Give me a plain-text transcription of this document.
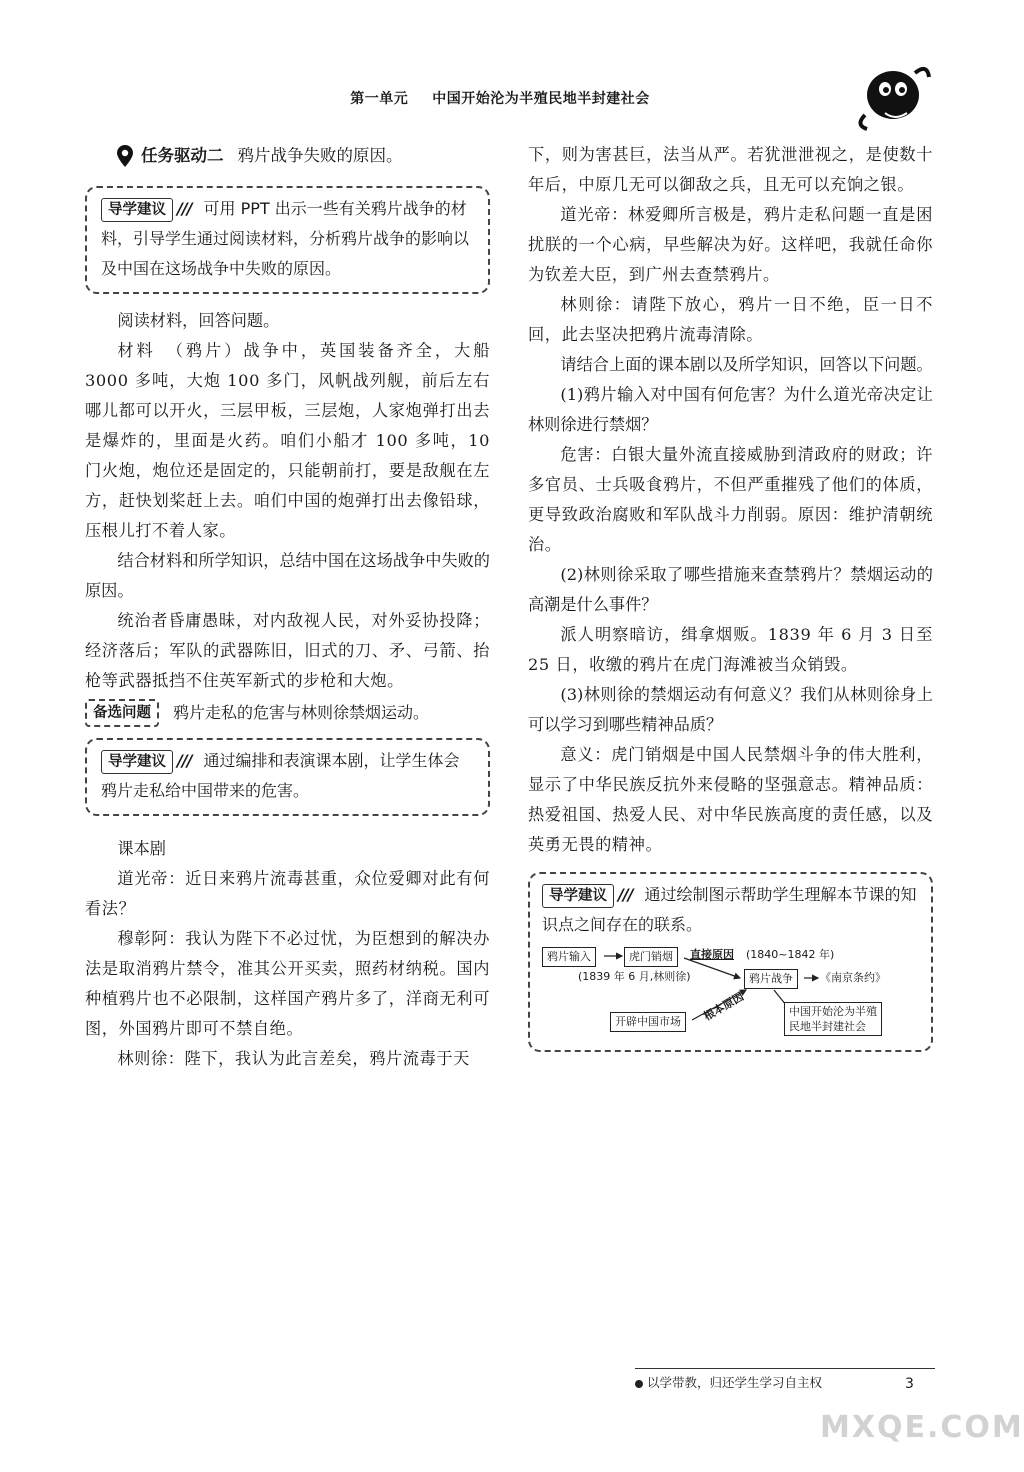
第一单元 中国开始沦为半殖民地半封建社会
任务驱动二 鸦片战争失败的原因。
导学建议 /// 可用 PPT 出示一些有关鸦片战争的材料，引导学生通过阅读材料，分析鸦片战争的影响以及中国在这场战争中失败的原因。

阅读材料，回答问题。

材料　（鸦片）战争中，英国装备齐全，大船 3000 多吨，大炮 100 多门，风帆战列舰，前后左右哪儿都可以开火，三层甲板，三层炮，人家炮弹打出去是爆炸的，里面是火药。咱们小船才 100 多吨，10 门火炮，炮位还是固定的，只能朝前打，要是敌舰在左方，赶快划桨赶上去。咱们中国的炮弹打出去像铅球，压根儿打不着人家。

结合材料和所学知识，总结中国在这场战争中失败的原因。

统治者昏庸愚昧，对内敌视人民，对外妥协投降；经济落后；军队的武器陈旧，旧式的刀、矛、弓箭、抬枪等武器抵挡不住英军新式的步枪和大炮。

备选问题	鸦片走私的危害与林则徐禁烟运动。
导学建议 /// 通过编排和表演课本剧，让学生体会鸦片走私给中国带来的危害。

课本剧

道光帝：近日来鸦片流毒甚重，众位爱卿对此有何看法？

穆彰阿：我认为陛下不必过忧，为臣想到的解决办法是取消鸦片禁令，准其公开买卖，照药材纳税。国内种植鸦片也不必限制，这样国产鸦片多了，洋商无利可图，外国鸦片即可不禁自绝。

林则徐：陛下，我认为此言差矣，鸦片流毒于天

下，则为害甚巨，法当从严。若犹泄泄视之，是使数十年后，中原几无可以御敌之兵，且无可以充饷之银。

道光帝：林爱卿所言极是，鸦片走私问题一直是困扰朕的一个心病，早些解决为好。这样吧，我就任命你为钦差大臣，到广州去查禁鸦片。

林则徐：请陛下放心，鸦片一日不绝，臣一日不回，此去坚决把鸦片流毒清除。

请结合上面的课本剧以及所学知识，回答以下问题。

(1)鸦片输入对中国有何危害？为什么道光帝决定让林则徐进行禁烟？

危害：白银大量外流直接威胁到清政府的财政；许多官员、士兵吸食鸦片，不但严重摧残了他们的体质，更导致政治腐败和军队战斗力削弱。原因：维护清朝统治。

(2)林则徐采取了哪些措施来查禁鸦片？禁烟运动的高潮是什么事件？

派人明察暗访，缉拿烟贩。1839 年 6 月 3 日至 25 日，收缴的鸦片在虎门海滩被当众销毁。

(3)林则徐的禁烟运动有何意义？我们从林则徐身上可以学习到哪些精神品质？

意义：虎门销烟是中国人民禁烟斗争的伟大胜利，显示了中华民族反抗外来侵略的坚强意志。精神品质：热爱祖国、热爱人民、对中华民族高度的责任感，以及英勇无畏的精神。

导学建议 /// 通过绘制图示帮助学生理解本节课的知识点之间存在的联系。
鸦片输入	虎门销烟	直接原因 (1840~1842 年)
(1839 年 6 月,林则徐)	鸦片战争	《南京条约》
开辟中国市场	根本原因	中国开始沦为半殖
民地半封建社会
以学带教，归还学生学习自主权	3
MXQE.COM
